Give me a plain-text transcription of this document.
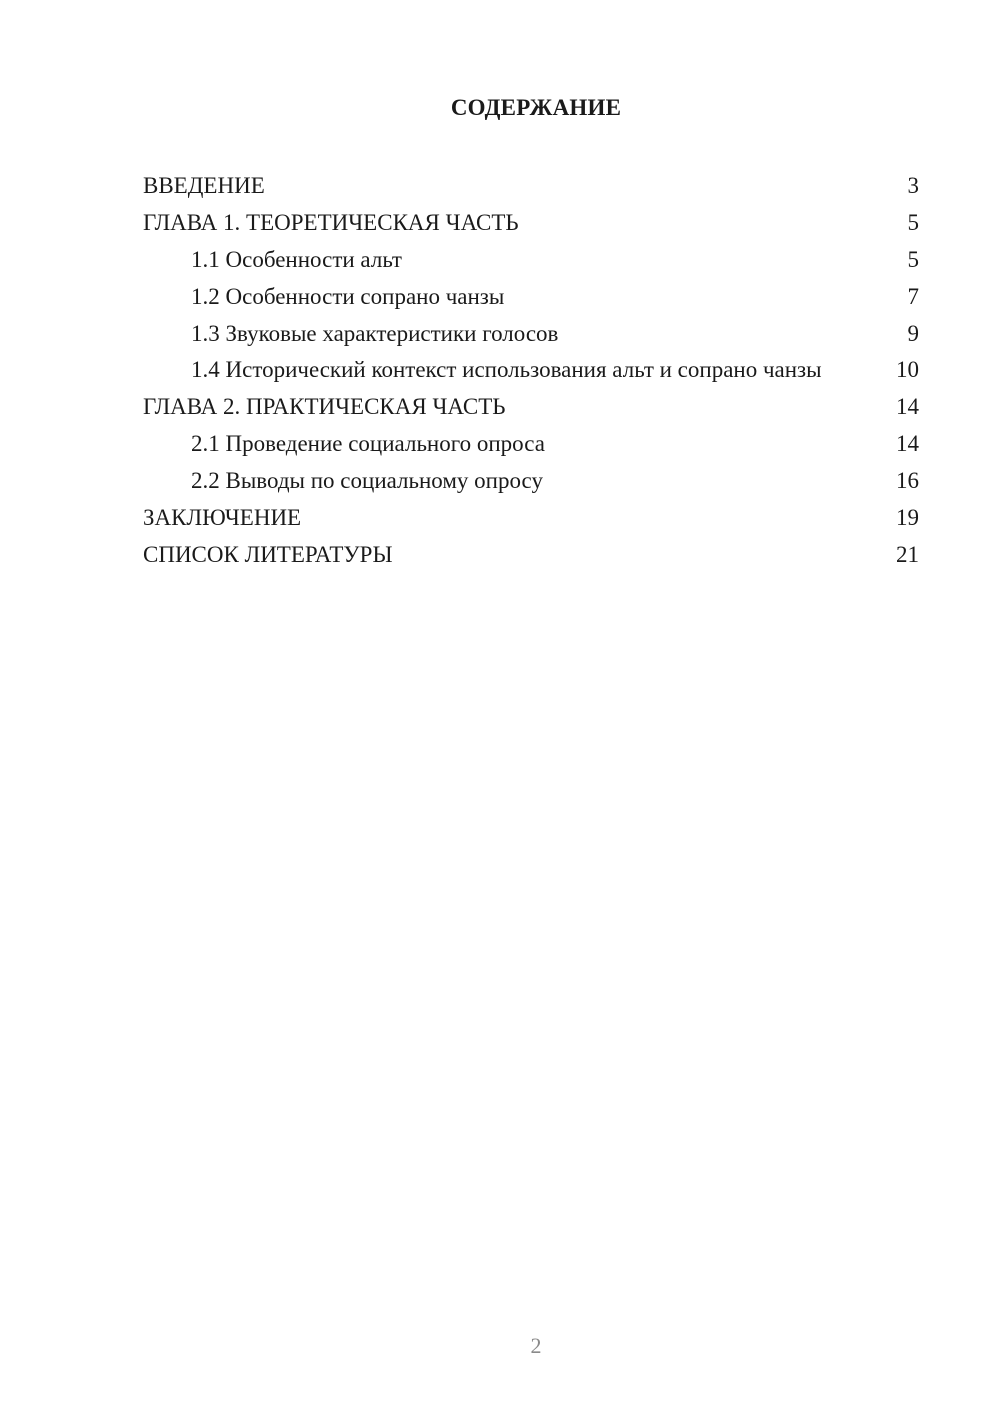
СОДЕРЖАНИЕ
ВВЕДЕНИЕ	3
ГЛАВА 1. ТЕОРЕТИЧЕСКАЯ ЧАСТЬ	5
1.1 Особенности альт	5
1.2 Особенности сопрано чанзы	7
1.3 Звуковые характеристики голосов	9
1.4 Исторический контекст использования альт и сопрано чанзы	10
ГЛАВА 2. ПРАКТИЧЕСКАЯ ЧАСТЬ	14
2.1 Проведение социального опроса	14
2.2 Выводы по социальному опросу	16
ЗАКЛЮЧЕНИЕ	19
СПИСОК ЛИТЕРАТУРЫ	21
2
